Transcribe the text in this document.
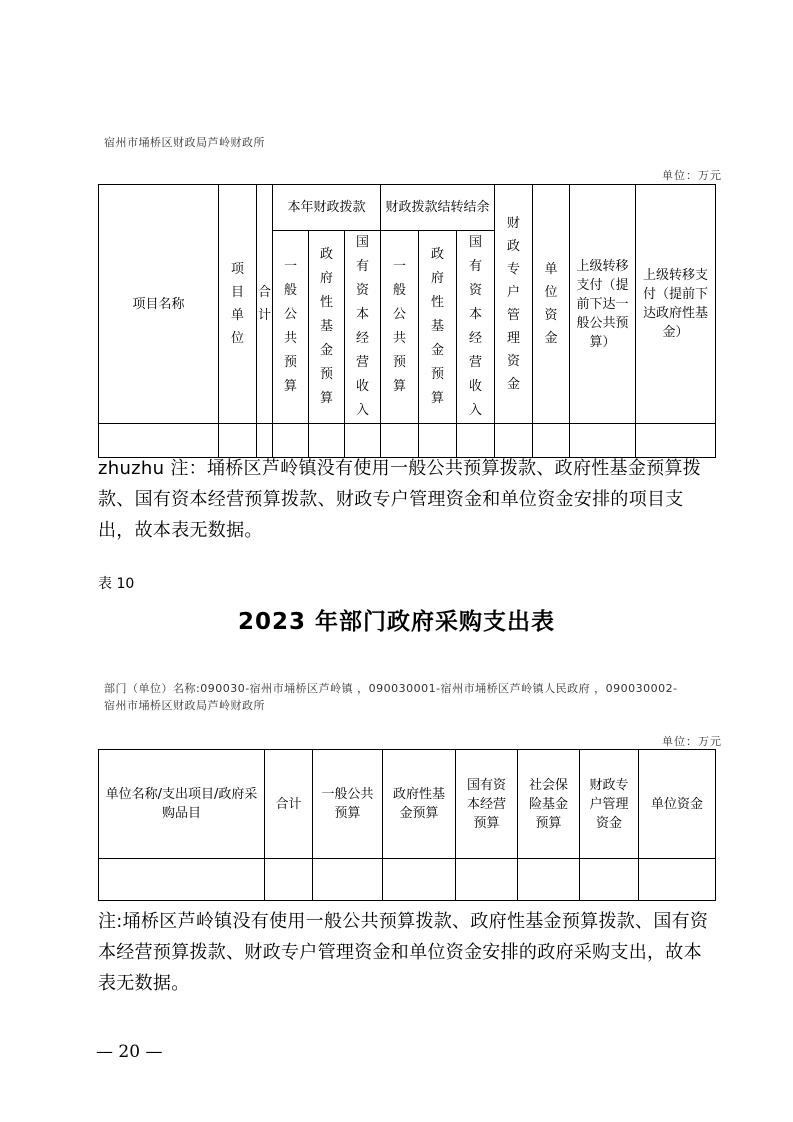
宿州市埇桥区财政局芦岭财政所
单位：万元
项目名称	项目单位	合计	本年财政拨款			财政拨款结转结余			财政专户管理资金	单位资金	上级转移支付（提前下达一般公共预算）	上级转移支付（提前下达政府性基金）
			一般公共预算	政府性基金预算	国有资本经营收入	一般公共预算	政府性基金预算	国有资本经营收入				

zhuzhu 注：埇桥区芦岭镇没有使用一般公共预算拨款、政府性基金预算拨款、国有资本经营预算拨款、财政专户管理资金和单位资金安排的项目支出，故本表无数据。
表 10
2023 年部门政府采购支出表
部门（单位）名称:090030-宿州市埇桥区芦岭镇 ，090030001-宿州市埇桥区芦岭镇人民政府 ，090030002-
宿州市埇桥区财政局芦岭财政所
单位：万元
单位名称/支出项目/政府采购品目	合计	一般公共预算	政府性基金预算	国有资本经营预算	社会保险基金预算	财政专户管理资金	单位资金

注:埇桥区芦岭镇没有使用一般公共预算拨款、政府性基金预算拨款、国有资本经营预算拨款、财政专户管理资金和单位资金安排的政府采购支出，故本表无数据。
— 20 —
